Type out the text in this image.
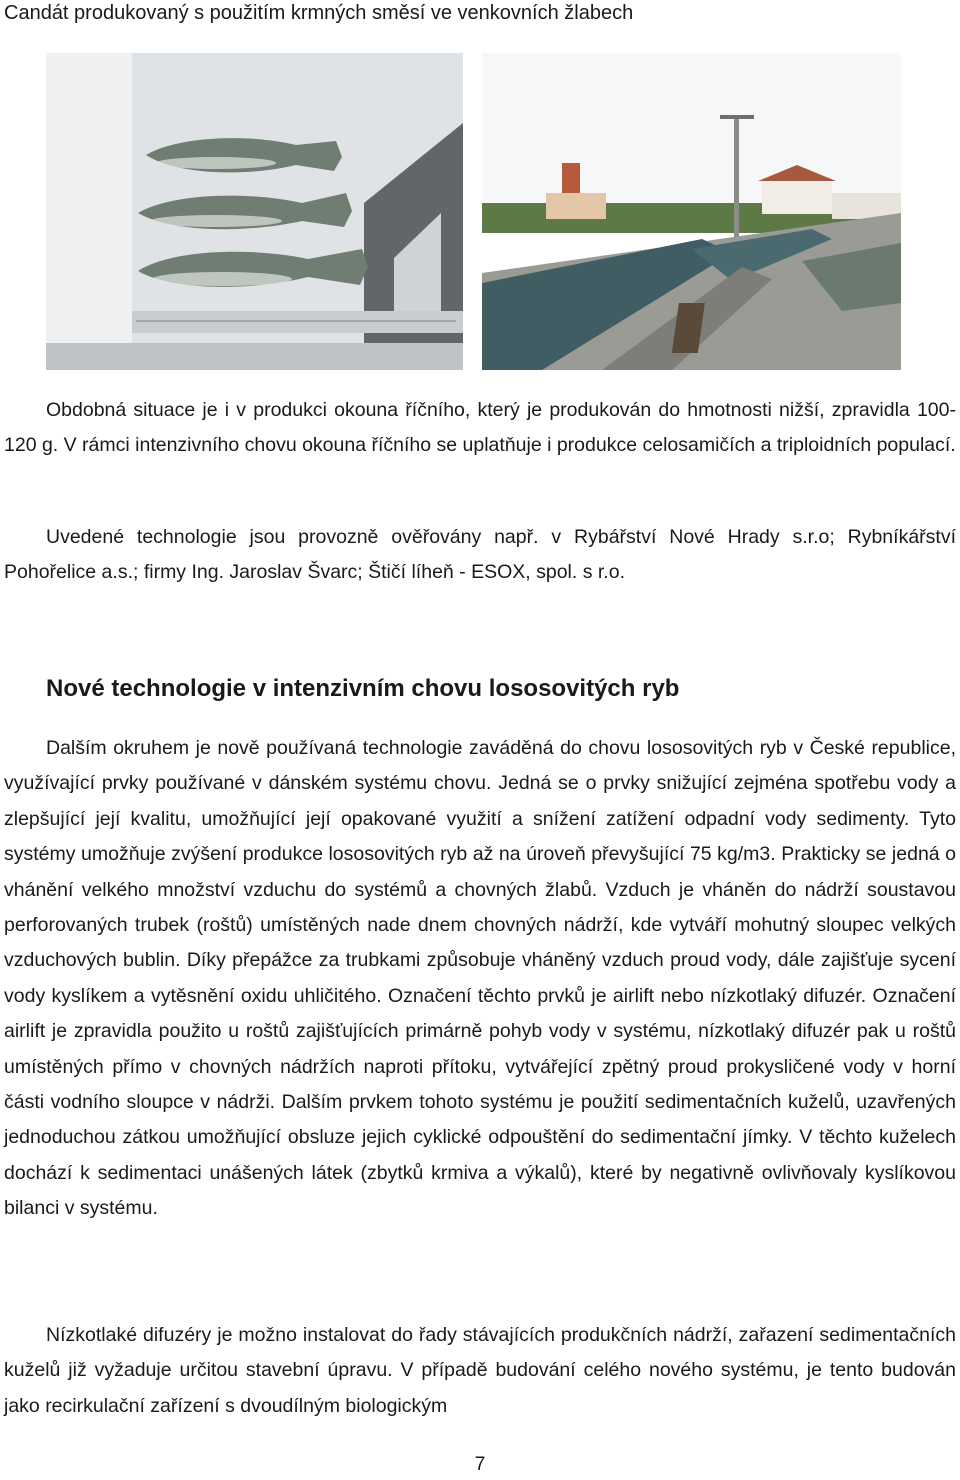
Candát produkovaný s použitím krmných směsí ve venkovních žlabech

Obdobná situace je i v produkci okouna říčního, který je produkován do hmotnosti nižší, zpravidla 100-120 g. V rámci intenzivního chovu okouna říčního se uplatňuje i produkce celosamičích a triploidních populací.

Uvedené technologie jsou provozně ověřovány např. v Rybářství Nové Hrady s.r.o; Rybníkářství Pohořelice a.s.; firmy Ing. Jaroslav Švarc; Štičí líheň - ESOX, spol. s r.o.

Nové technologie v intenzivním chovu lososovitých ryb

Dalším okruhem je nově používaná technologie zaváděná do chovu lososovitých ryb v České republice, využívající prvky používané v dánském systému chovu. Jedná se o prvky snižující zejména spotřebu vody a zlepšující její kvalitu, umožňující její opakované využití a snížení zatížení odpadní vody sedimenty. Tyto systémy umožňuje zvýšení produkce lososovitých ryb až na úroveň převyšující 75 kg/m3. Prakticky se jedná o vhánění velkého množství vzduchu do systémů a chovných žlabů. Vzduch je vháněn do nádrží soustavou perforovaných trubek (roštů) umístěných nade dnem chovných nádrží, kde vytváří mohutný sloupec velkých vzduchových bublin. Díky přepážce za trubkami způsobuje vháněný vzduch proud vody, dále zajišťuje sycení vody kyslíkem a vytěsnění oxidu uhličitého. Označení těchto prvků je airlift nebo nízkotlaký difuzér. Označení airlift je zpravidla použito u roštů zajišťujících primárně pohyb vody v systému, nízkotlaký difuzér pak u roštů umístěných přímo v chovných nádržích naproti přítoku, vytvářející zpětný proud prokysličené vody v horní části vodního sloupce v nádrži. Dalším prvkem tohoto systému je použití sedimentačních kuželů, uzavřených jednoduchou zátkou umožňující obsluze jejich cyklické odpouštění do sedimentační jímky. V těchto kuželech dochází k sedimentaci unášených látek (zbytků krmiva a výkalů), které by negativně ovlivňovaly kyslíkovou bilanci v systému.

Nízkotlaké difuzéry je možno instalovat do řady stávajících produkčních nádrží, zařazení sedimentačních kuželů již vyžaduje určitou stavební úpravu. V případě budování celého nového systému, je tento budován jako recirkulační zařízení s dvoudílným biologickým

7
